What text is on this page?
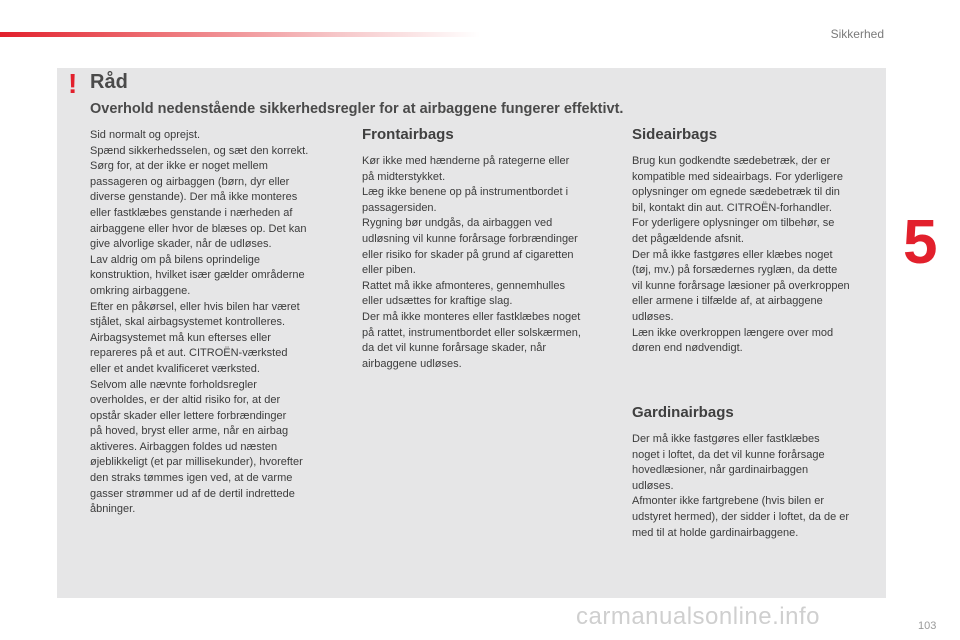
Sikkerhed
5
! Råd
Overhold nedenstående sikkerhedsregler for at airbaggene fungerer effektivt.

Sid normalt og oprejst.

Spænd sikkerhedsselen, og sæt den korrekt.

Sørg for, at der ikke er noget mellem

passageren og airbaggen (børn, dyr eller

diverse genstande). Der må ikke monteres

eller fastklæbes genstande i nærheden af

airbaggene eller hvor de blæses op. Det kan

give alvorlige skader, når de udløses.

Lav aldrig om på bilens oprindelige

konstruktion, hvilket især gælder områderne

omkring airbaggene.

Efter en påkørsel, eller hvis bilen har været

stjålet, skal airbagsystemet kontrolleres.

Airbagsystemet må kun efterses eller

repareres på et aut. CITROËN-værksted

eller et andet kvalificeret værksted.

Selvom alle nævnte forholdsregler

overholdes, er der altid risiko for, at der

opstår skader eller lettere forbrændinger

på hoved, bryst eller arme, når en airbag

aktiveres. Airbaggen foldes ud næsten

øjeblikkeligt (et par millisekunder), hvorefter

den straks tømmes igen ved, at de varme

gasser strømmer ud af de dertil indrettede

åbninger.

Frontairbags

Kør ikke med hænderne på rategerne eller

på midterstykket.

Læg ikke benene op på instrumentbordet i

passagersiden.

Rygning bør undgås, da airbaggen ved

udløsning vil kunne forårsage forbrændinger

eller risiko for skader på grund af cigaretten

eller piben.

Rattet må ikke afmonteres, gennemhulles

eller udsættes for kraftige slag.

Der må ikke monteres eller fastklæbes noget

på rattet, instrumentbordet eller solskærmen,

da det vil kunne forårsage skader, når

airbaggene udløses.

Sideairbags

Brug kun godkendte sædebetræk, der er

kompatible med sideairbags. For yderligere

oplysninger om egnede sædebetræk til din

bil, kontakt din aut. CITROËN-forhandler.

For yderligere oplysninger om tilbehør, se

det pågældende afsnit.

Der må ikke fastgøres eller klæbes noget

(tøj, mv.) på forsædernes ryglæn, da dette

vil kunne forårsage læsioner på overkroppen

eller armene i tilfælde af, at airbaggene

udløses.

Læn ikke overkroppen længere over mod

døren end nødvendigt.

Gardinairbags

Der må ikke fastgøres eller fastklæbes

noget i loftet, da det vil kunne forårsage

hovedlæsioner, når gardinairbaggen

udløses.

Afmonter ikke fartgrebene (hvis bilen er

udstyret hermed), der sidder i loftet, da de er

med til at holde gardinairbaggene.

carmanualsonline.info	103
